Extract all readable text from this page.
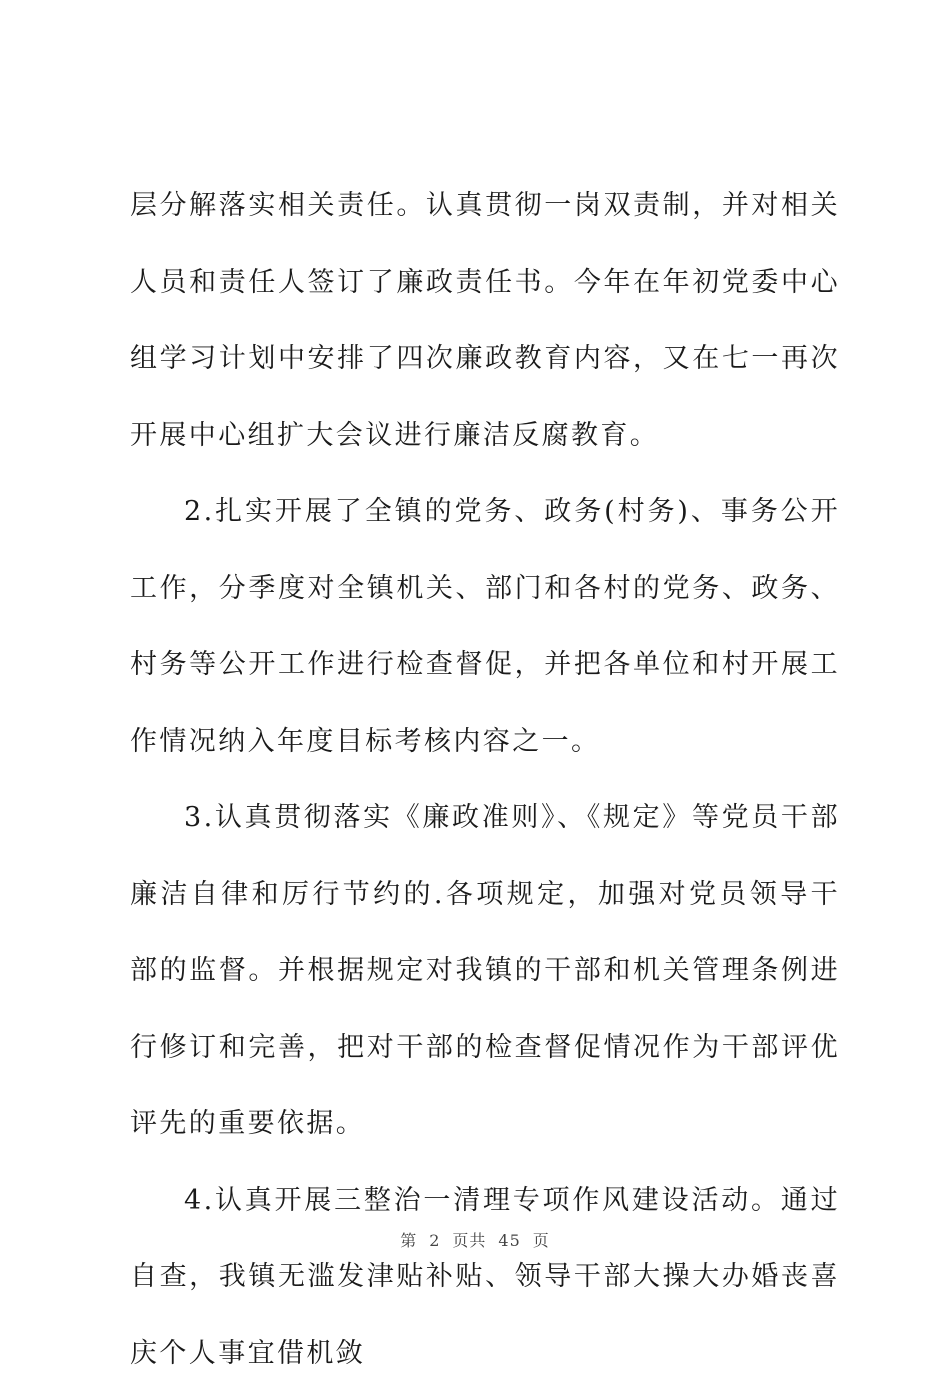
层分解落实相关责任。认真贯彻一岗双责制，并对相关人员和责任人签订了廉政责任书。今年在年初党委中心组学习计划中安排了四次廉政教育内容，又在七一再次开展中心组扩大会议进行廉洁反腐教育。

2.扎实开展了全镇的党务、政务(村务)、事务公开工作，分季度对全镇机关、部门和各村的党务、政务、村务等公开工作进行检查督促，并把各单位和村开展工作情况纳入年度目标考核内容之一。

3.认真贯彻落实《廉政准则》、《规定》等党员干部廉洁自律和厉行节约的.各项规定，加强对党员领导干部的监督。并根据规定对我镇的干部和机关管理条例进行修订和完善，把对干部的检查督促情况作为干部评优评先的重要依据。

4.认真开展三整治一清理专项作风建设活动。通过自查，我镇无滥发津贴补贴、领导干部大操大办婚丧喜庆个人事宜借机敛

第 2 页共 45 页
